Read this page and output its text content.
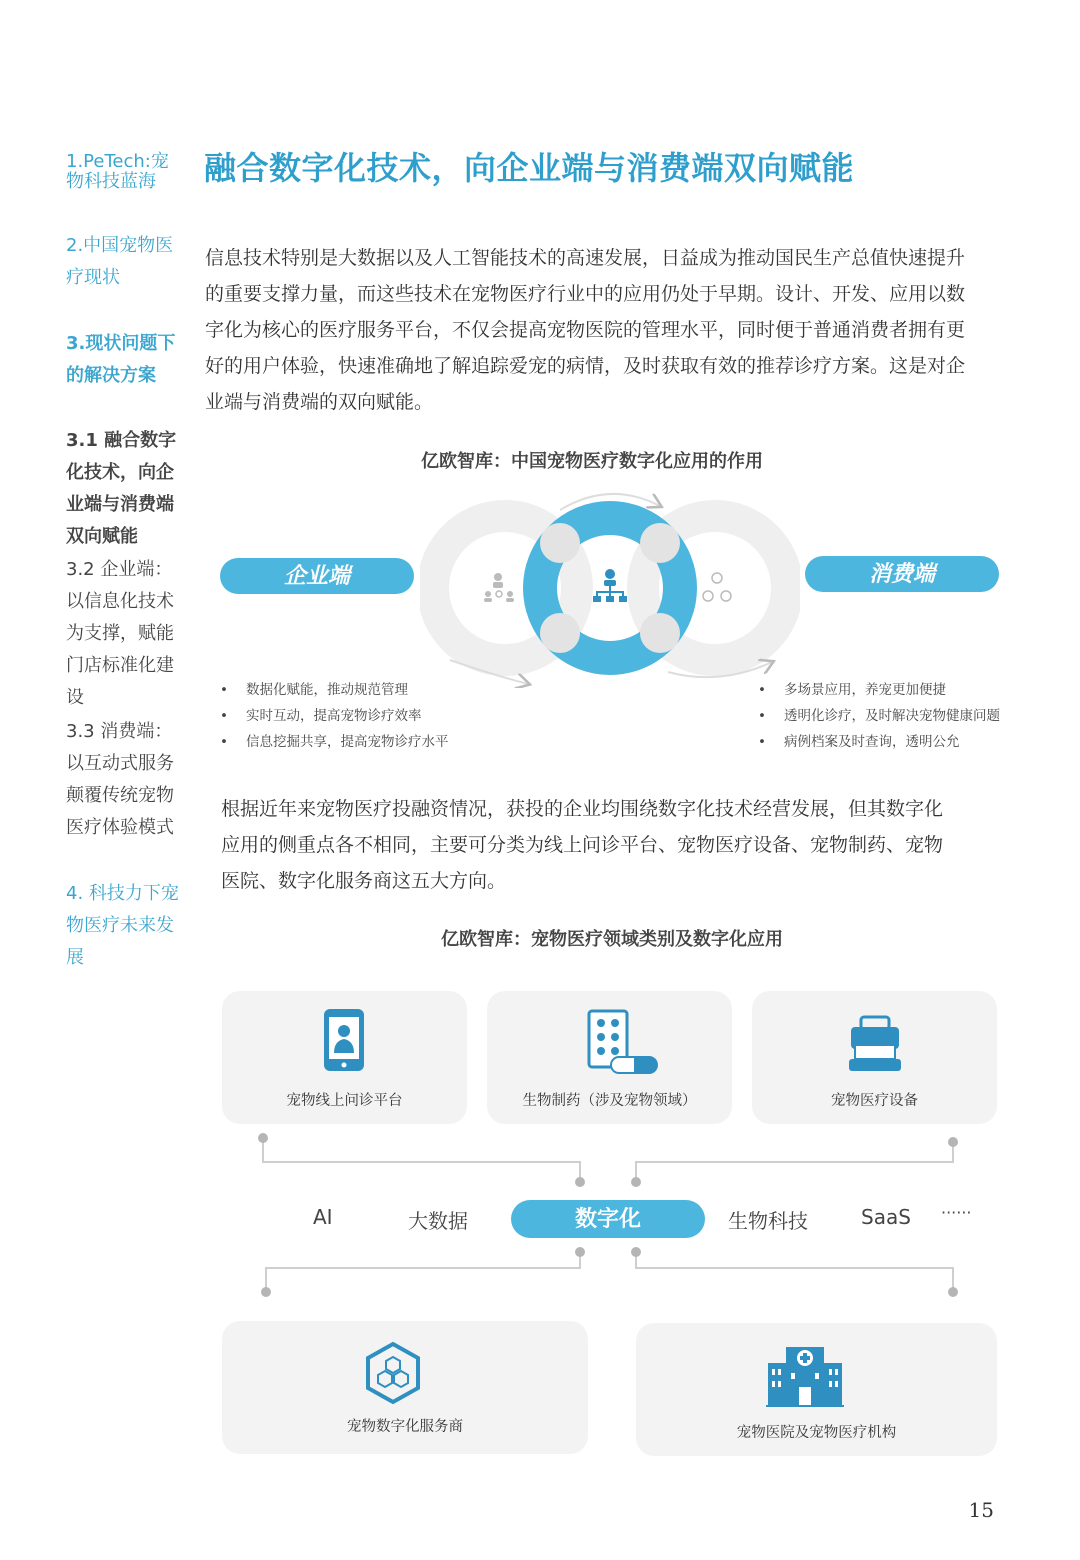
1.PeTech:宠物科技蓝海
2.中国宠物医疗现状
3.现状问题下的解决方案
3.1 融合数字化技术，向企业端与消费端双向赋能
3.2 企业端：以信息化技术为支撑，赋能门店标准化建设
3.3 消费端：以互动式服务颠覆传统宠物医疗体验模式
4. 科技力下宠物医疗未来发展
融合数字化技术，向企业端与消费端双向赋能
信息技术特别是大数据以及人工智能技术的高速发展，日益成为推动国民生产总值快速提升
的重要支撑力量，而这些技术在宠物医疗行业中的应用仍处于早期。设计、开发、应用以数
字化为核心的医疗服务平台，不仅会提高宠物医院的管理水平，同时便于普通消费者拥有更
好的用户体验，快速准确地了解追踪爱宠的病情，及时获取有效的推荐诊疗方案。这是对企
业端与消费端的双向赋能。
亿欧智库：中国宠物医疗数字化应用的作用
企业端	消费端
• 数据化赋能，推动规范管理
• 实时互动，提高宠物诊疗效率
• 信息挖掘共享，提高宠物诊疗水平
• 多场景应用，养宠更加便捷
• 透明化诊疗，及时解决宠物健康问题
• 病例档案及时查询，透明公允
根据近年来宠物医疗投融资情况，获投的企业均围绕数字化技术经营发展，但其数字化
应用的侧重点各不相同，主要可分类为线上问诊平台、宠物医疗设备、宠物制药、宠物
医院、数字化服务商这五大方向。
亿欧智库：宠物医疗领域类别及数字化应用
宠物线上问诊平台	生物制药（涉及宠物领域）	宠物医疗设备
AI	大数据	数字化	生物科技	SaaS ······
宠物数字化服务商	宠物医院及宠物医疗机构
15
